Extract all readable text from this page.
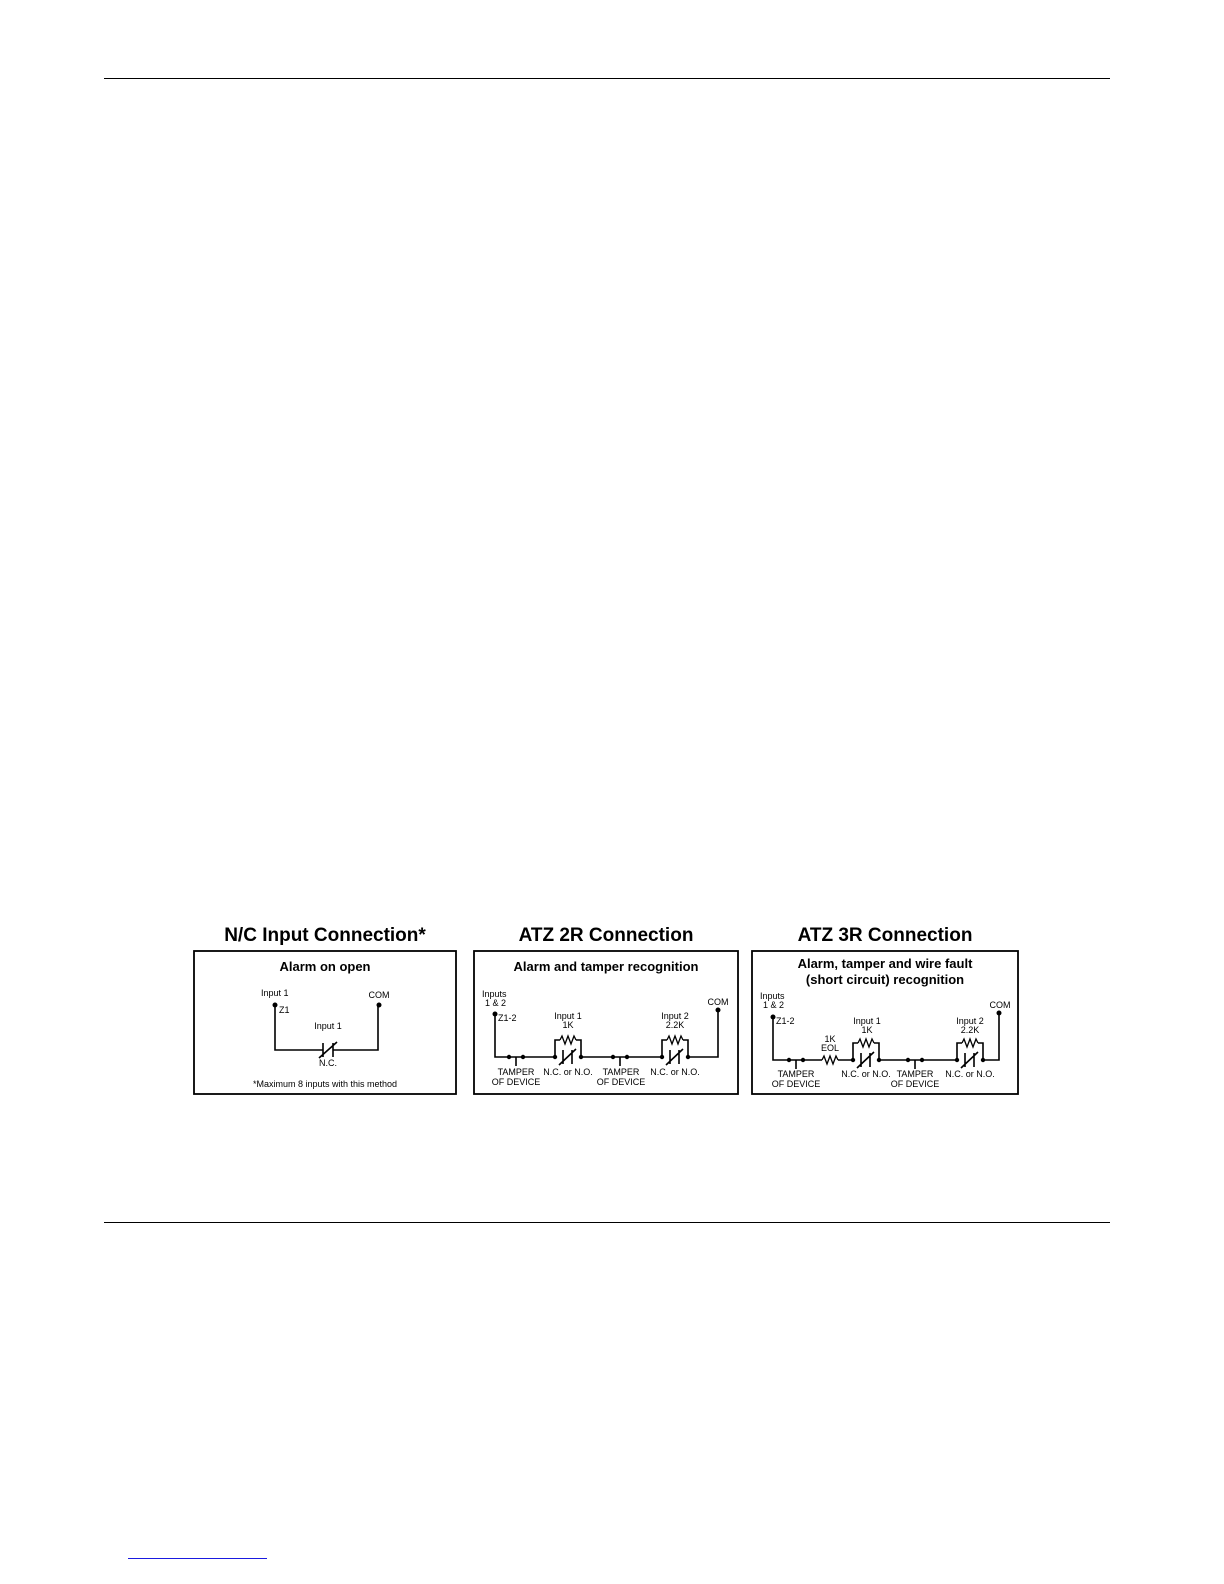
N/C Input Connection*
Alarm on open
Input 1
Z1
COM
Input 1
N.C.
*Maximum 8 inputs with this method
ATZ 2R Connection
Alarm and tamper recognition
Inputs
1 & 2
Z1-2
COM
Input 1
1K
Input 2
2.2K
TAMPER
OF DEVICE
N.C. or N.O. TAMPER
OF DEVICE
N.C. or N.O.
ATZ 3R Connection
Alarm, tamper and wire fault
(short circuit) recognition
Inputs
1 & 2
Z1-2
COM
1K
EOL
Input 1
1K
Input 2
2.2K
TAMPER
OF DEVICE
N.C. or N.O. TAMPER
OF DEVICE
N.C. or N.O.
